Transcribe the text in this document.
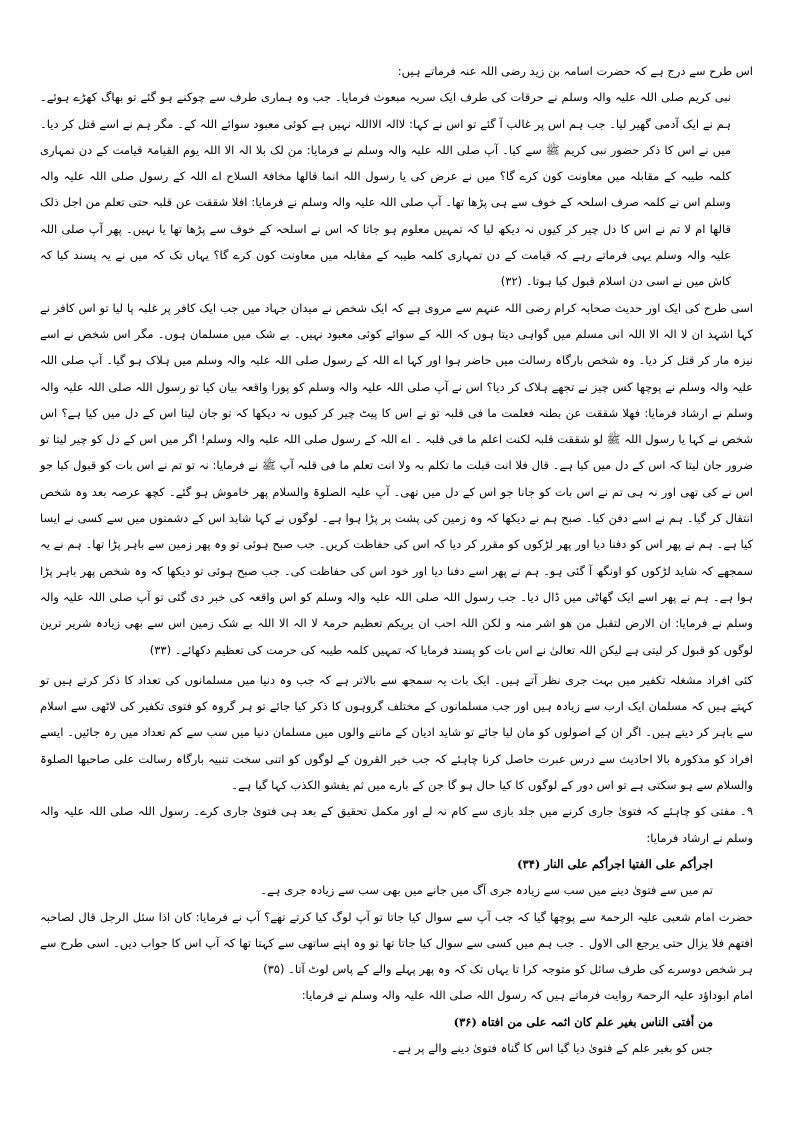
اس طرح سے درج ہے کہ حضرت اسامہ بن زید رضی اللہ عنہ فرماتے ہیں:

نبی کریم صلی اللہ علیہ والہ وسلم نے حرقات کی طرف ایک سریہ مبعوث فرمایا۔ جب وہ ہماری طرف سے چوکنے ہو گئے تو بھاگ کھڑے ہوئے۔ ہم نے ایک آدمی گھیر لیا۔ جب ہم اس پر غالب آ گئے تو اس نے کہا: لاالہ الااللہ نہیں ہے کوئی معبود سوائے اللہ کے۔ مگر ہم نے اسے قتل کر دیا۔ میں نے اس کا ذکر حضور نبی کریم ﷺ سے کیا۔ آپ صلی اللہ علیہ والہ وسلم نے فرمایا: من لک بلا الہ الا اللہ یوم القیامۃ قیامت کے دن تمہاری کلمہ طیبہ کے مقابلہ میں معاونت کون کرے گا؟ میں نے عرض کی یا رسول اللہ انما قالھا مخافۃ السلاح اے اللہ کے رسول صلی اللہ علیہ والہ وسلم اس نے کلمہ صرف اسلحہ کے خوف سے ہی پڑھا تھا۔ آپ صلی اللہ علیہ والہ وسلم نے فرمایا: افلا شققت عن قلبہ حتی تعلم من اجل ذلک قالھا ام لا تم نے اس کا دل چیر کر کیوں نہ دیکھ لیا کہ تمہیں معلوم ہو جاتا کہ اس نے اسلحہ کے خوف سے پڑھا تھا یا نہیں۔ پھر آپ صلی اللہ علیہ والہ وسلم یہی فرماتے رہے کہ قیامت کے دن تمہاری کلمہ طیبہ کے مقابلہ میں معاونت کون کرے گا؟ یہاں تک کہ میں نے یہ پسند کیا کہ کاش میں نے اسی دن اسلام قبول کیا ہوتا۔ (۳۲)

اسی طرح کی ایک اور حدیث صحابہ کرام رضی اللہ عنہم سے مروی ہے کہ ایک شخص نے میدان جہاد میں جب ایک کافر پر غلبہ پا لیا تو اس کافر نے کہا اشہد ان لا الہ الا اللہ انی مسلم میں گواہی دیتا ہوں کہ اللہ کے سوائے کوئی معبود نہیں۔ بے شک میں مسلمان ہوں۔ مگر اس شخص نے اسے نیزہ مار کر قتل کر دیا۔ وہ شخص بارگاہ رسالت میں حاضر ہوا اور کہا اے اللہ کے رسول صلی اللہ علیہ والہ وسلم میں ہلاک ہو گیا۔ آپ صلی اللہ علیہ والہ وسلم نے پوچھا کس چیز نے تجھے ہلاک کر دیا؟ اس نے آپ صلی اللہ علیہ والہ وسلم کو پورا واقعہ بیان کیا تو رسول اللہ صلی اللہ علیہ والہ وسلم نے ارشاد فرمایا: فھلا شققت عن بطنہ فعلمت ما فی قلبہ تو نے اس کا پیٹ چیر کر کیوں نہ دیکھا کہ تو جان لیتا اس کے دل میں کیا ہے؟ اس شخص نے کہا یا رسول اللہ ﷺ لو شققت قلبہ لکنت اعلم ما فی قلبہ ۔ اے اللہ کے رسول صلی اللہ علیہ والہ وسلم! اگر میں اس کے دل کو چیر لیتا تو ضرور جان لیتا کہ اس کے دل میں کیا ہے۔ قال فلا انت قبلت ما تکلم بہ ولا انت تعلم ما فی قلبہ آپ ﷺ نے فرمایا: نہ تو تم نے اس بات کو قبول کیا جو اس نے کی تھی اور نہ ہی تم نے اس بات کو جانا جو اس کے دل میں تھی۔ آپ علیہ الصلوۃ والسلام پھر خاموش ہو گئے۔ کچھ عرصہ بعد وہ شخص انتقال کر گیا۔ ہم نے اسے دفن کیا۔ صبح ہم نے دیکھا کہ وہ زمین کی پشت پر پڑا ہوا ہے۔ لوگوں نے کہا شاید اس کے دشمنوں میں سے کسی نے ایسا کیا ہے۔ ہم نے پھر اس کو دفنا دیا اور پھر لڑکوں کو مقرر کر دیا کہ اس کی حفاظت کریں۔ جب صبح ہوئی تو وہ پھر زمین سے باہر پڑا تھا۔ ہم نے یہ سمجھے کہ شاید لڑکوں کو اونگھ آ گئی ہو۔ ہم نے پھر اسے دفنا دیا اور خود اس کی حفاظت کی۔ جب صبح ہوئی تو دیکھا کہ وہ شخص پھر باہر پڑا ہوا ہے۔ ہم نے پھر اسے ایک گھاٹی میں ڈال دیا۔ جب رسول اللہ صلی اللہ علیہ والہ وسلم کو اس واقعہ کی خبر دی گئی تو آپ صلی اللہ علیہ والہ وسلم نے فرمایا: ان الارض لتقبل من ھو اشر منہ و لکن اللہ احب ان یریکم تعظیم حرمۃ لا الہ الا اللہ بے شک زمین اس سے بھی زیادہ شریر ترین لوگوں کو قبول کر لیتی ہے لیکن اللہ تعالیٰ نے اس بات کو پسند فرمایا کہ تمہیں کلمہ طیبہ کی حرمت کی تعظیم دکھائے۔ (۳۳)

کئی افراد مشغلہ تکفیر میں بہت جری نظر آتے ہیں۔ ایک بات یہ سمجھ سے بالاتر ہے کہ جب وہ دنیا میں مسلمانوں کی تعداد کا ذکر کرتے ہیں تو کہتے ہیں کہ مسلمان ایک ارب سے زیادہ ہیں اور جب مسلمانوں کے مختلف گروہوں کا ذکر کیا جائے تو ہر گروہ کو فتوی تکفیر کی لاٹھی سے اسلام سے باہر کر دیتے ہیں۔ اگر ان کے اصولوں کو مان لیا جائے تو شاید ادیان کے ماننے والوں میں مسلمان دنیا میں سب سے کم تعداد میں رہ جائیں۔ ایسے افراد کو مذکورہ بالا احادیث سے درس عبرت حاصل کرنا چاہئے کہ جب خیر القرون کے لوگوں کو اتنی سخت تنبیہ بارگاہ رسالت علی صاحبھا الصلوۃ والسلام سے ہو سکتی ہے تو اس دور کے لوگوں کا کیا حال ہو گا جن کے بارے میں ثم یفشو الکذب کہا گیا ہے۔

۹۔ مفتی کو چاہئے کہ فتویٰ جاری کرنے میں جلد بازی سے کام نہ لے اور مکمل تحقیق کے بعد ہی فتویٰ جاری کرے۔ رسول اللہ صلی اللہ علیہ والہ وسلم نے ارشاد فرمایا:

اجرأکم علی الفتیا اجرأکم علی النار (۳۴)

تم میں سے فتویٰ دینے میں سب سے زیادہ جری آگ میں جانے میں بھی سب سے زیادہ جری ہے۔

حضرت امام شعبی علیہ الرحمۃ سے پوچھا گیا کہ جب آپ سے سوال کیا جاتا تو آپ لوگ کیا کرتے تھے؟ آپ نے فرمایا: کان اذا سئل الرجل قال لصاحبہ افتھم فلا یزال حتی یرجع الی الاول ۔ جب ہم میں کسی سے سوال کیا جاتا تھا تو وہ اپنے ساتھی سے کہتا تھا کہ آپ اس کا جواب دیں۔ اسی طرح سے ہر شخص دوسرے کی طرف سائل کو متوجہ کرا تا یہاں تک کہ وہ پھر پہلے والے کے پاس لوٹ آتا۔ (۳۵)

امام ابوداؤد علیہ الرحمۃ روایت فرماتے ہیں کہ رسول اللہ صلی اللہ علیہ والہ وسلم نے فرمایا:

من أفتی الناس بغیر علم کان اثمہ علی من افتاہ (۳۶)

جس کو بغیر علم کے فتویٰ دیا گیا اس کا گناہ فتویٰ دینے والے پر ہے۔
